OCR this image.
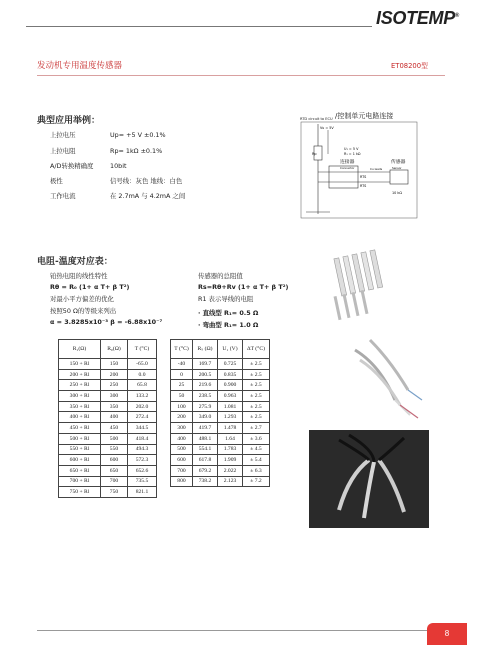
ISOTEMP®
发动机专用温度传感器	ET08200型
典型应用举例：
上拉电压	Up= +5 V ±0.1%
上拉电阻	Rp= 1kΩ ±0.1%
A/D转换精确度	10bit
极性	信号线：灰色 地线：白色
工作电流	在 2.7mA 与 4.2mA 之间
RTD circuit to ECU /控制单元电路连接
Vu = 5V
Rp
U₁ = 5 V
R₁ = 1 kΩ
连接器	传感器
Connector	Sensor
Cu leads
RTS
RTS
10 kΩ
电阻-温度对应表：
铂热电阻的线性特性
Rθ = R₀ (1+ α T+ β T²)
对最小平方偏差的优化
按照50 Ω的等级来列出
α = 3.8285x10⁻³ β = -6.88x10⁻⁷
传感器的总阻值
Rs=Rθ+Rv (1+ α T+ β T²)
R1 表示导线的电阻
· 直线型 R₁= 0.5 Ω
· 弯曲型 R₁= 1.0 Ω
R₁(Ω)	R₀(Ω)	T (°C)
150 + Rl	150	-65.0
200 + Rl	200	0.0
250 + Rl	250	65.8
300 + Rl	300	133.2
350 + Rl	350	202.0
400 + Rl	400	272.4
450 + Rl	450	344.5
500 + Rl	500	418.4
550 + Rl	550	494.3
600 + Rl	600	572.3
650 + Rl	650	652.6
700 + Rl	700	735.5
750 + Rl	750	821.1
T (°C)	Rₛ (Ω)	U₁ (V)	ΔT (°C)
-40	169.7	0.725	± 2.5
0	200.5	0.835	± 2.5
25	219.6	0.900	± 2.5
50	238.5	0.963	± 2.5
100	275.9	1.081	± 2.5
200	349.0	1.293	± 2.5
300	419.7	1.478	± 2.7
400	488.1	1.64	± 3.6
500	554.1	1.783	± 4.5
600	617.8	1.909	± 5.4
700	679.2	2.022	± 6.3
800	738.2	2.123	± 7.2
8
